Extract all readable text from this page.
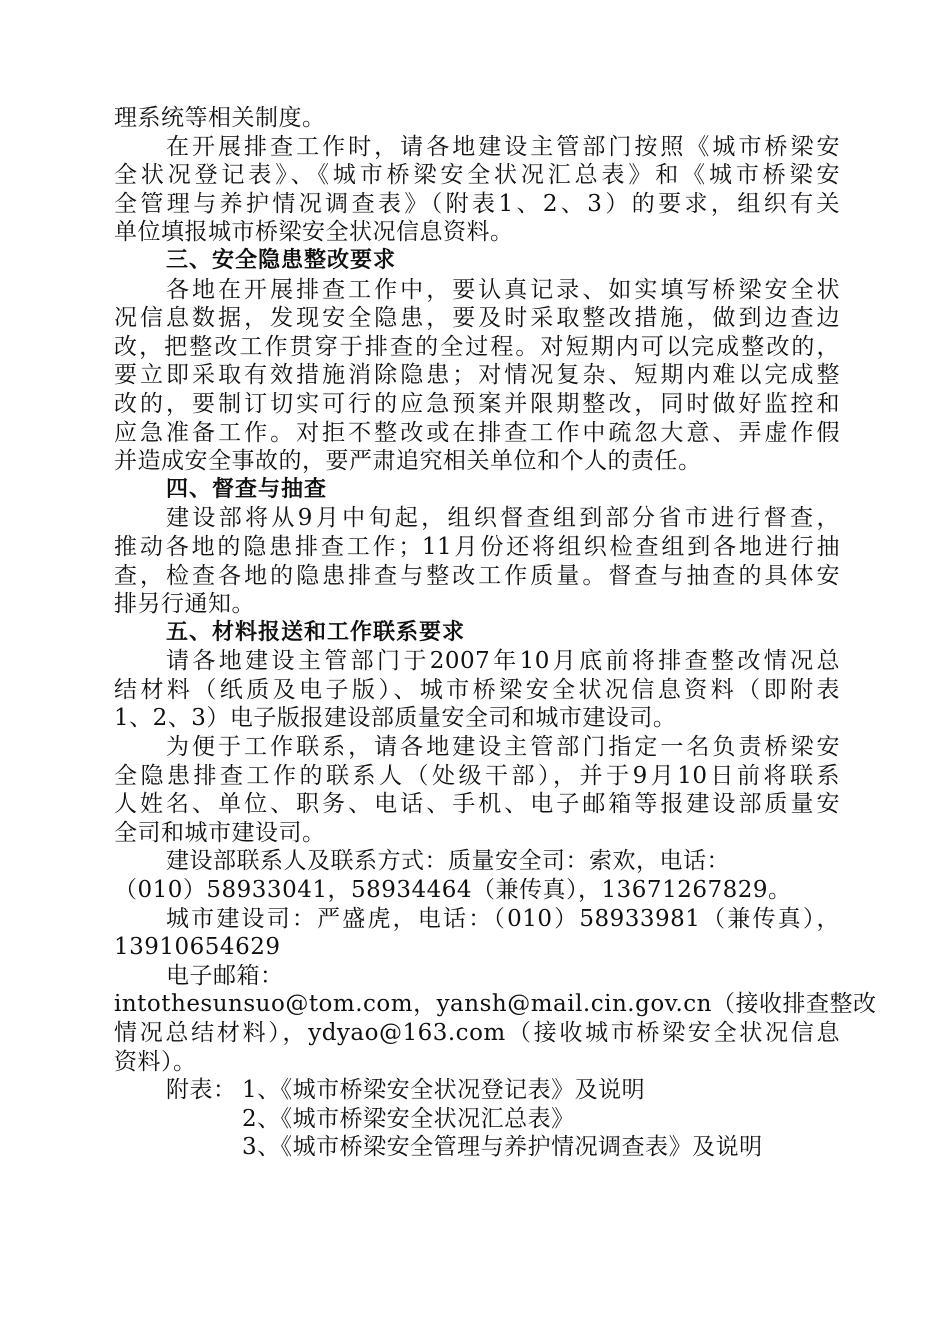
理系统等相关制度。
在开展排查工作时，请各地建设主管部门按照《城市桥梁安
全状况登记表》、《城市桥梁安全状况汇总表》和《城市桥梁安
全管理与养护情况调查表》（附表1、2、3）的要求，组织有关
单位填报城市桥梁安全状况信息资料。
三、安全隐患整改要求
各地在开展排查工作中，要认真记录、如实填写桥梁安全状
况信息数据，发现安全隐患，要及时采取整改措施，做到边查边
改，把整改工作贯穿于排查的全过程。对短期内可以完成整改的，
要立即采取有效措施消除隐患；对情况复杂、短期内难以完成整
改的，要制订切实可行的应急预案并限期整改，同时做好监控和
应急准备工作。对拒不整改或在排查工作中疏忽大意、弄虚作假
并造成安全事故的，要严肃追究相关单位和个人的责任。
四、督查与抽查
建设部将从9月中旬起，组织督查组到部分省市进行督查，
推动各地的隐患排查工作；11月份还将组织检查组到各地进行抽
查，检查各地的隐患排查与整改工作质量。督查与抽查的具体安
排另行通知。
五、材料报送和工作联系要求
请各地建设主管部门于2007年10月底前将排查整改情况总
结材料（纸质及电子版）、城市桥梁安全状况信息资料（即附表
1、2、3）电子版报建设部质量安全司和城市建设司。
为便于工作联系，请各地建设主管部门指定一名负责桥梁安
全隐患排查工作的联系人（处级干部），并于9月10日前将联系
人姓名、单位、职务、电话、手机、电子邮箱等报建设部质量安
全司和城市建设司。
建设部联系人及联系方式：质量安全司：索欢，电话：
（010）58933041，58934464（兼传真），13671267829。
城市建设司：严盛虎，电话：（010）58933981（兼传真），
13910654629
电子邮箱：
intothesunsuo@tom.com，yansh@mail.cin.gov.cn（接收排查整改
情况总结材料），ydyao@163.com（接收城市桥梁安全状况信息
资料）。
附表： 1、《城市桥梁安全状况登记表》及说明
2、《城市桥梁安全状况汇总表》
3、《城市桥梁安全管理与养护情况调查表》及说明
